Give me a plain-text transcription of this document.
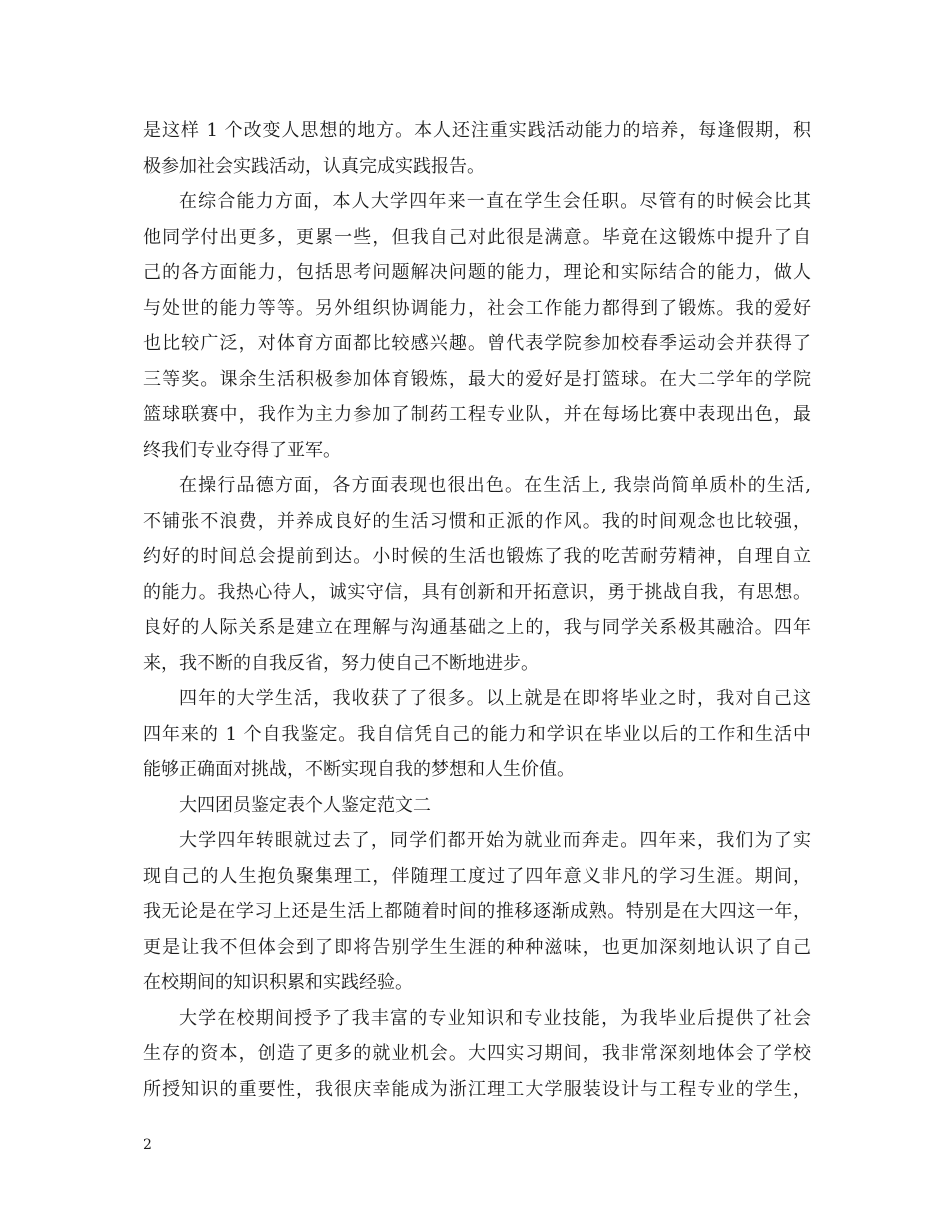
是这样 1 个改变人思想的地方。本人还注重实践活动能力的培养，每逢假期，积
极参加社会实践活动，认真完成实践报告。
在综合能力方面，本人大学四年来一直在学生会任职。尽管有的时候会比其
他同学付出更多，更累一些，但我自己对此很是满意。毕竟在这锻炼中提升了自
己的各方面能力，包括思考问题解决问题的能力，理论和实际结合的能力，做人
与处世的能力等等。另外组织协调能力，社会工作能力都得到了锻炼。我的爱好
也比较广泛，对体育方面都比较感兴趣。曾代表学院参加校春季运动会并获得了
三等奖。课余生活积极参加体育锻炼，最大的爱好是打篮球。在大二学年的学院
篮球联赛中，我作为主力参加了制药工程专业队，并在每场比赛中表现出色，最
终我们专业夺得了亚军。
在操行品德方面，各方面表现也很出色。在生活上, 我崇尚简单质朴的生活,
不铺张不浪费，并养成良好的生活习惯和正派的作风。我的时间观念也比较强，
约好的时间总会提前到达。小时候的生活也锻炼了我的吃苦耐劳精神，自理自立
的能力。我热心待人，诚实守信，具有创新和开拓意识，勇于挑战自我，有思想。
良好的人际关系是建立在理解与沟通基础之上的，我与同学关系极其融洽。四年
来，我不断的自我反省，努力使自己不断地进步。
四年的大学生活，我收获了了很多。以上就是在即将毕业之时，我对自己这
四年来的 1 个自我鉴定。我自信凭自己的能力和学识在毕业以后的工作和生活中
能够正确面对挑战，不断实现自我的梦想和人生价值。
大四团员鉴定表个人鉴定范文二
大学四年转眼就过去了，同学们都开始为就业而奔走。四年来，我们为了实
现自己的人生抱负聚集理工，伴随理工度过了四年意义非凡的学习生涯。期间，
我无论是在学习上还是生活上都随着时间的推移逐渐成熟。特别是在大四这一年，
更是让我不但体会到了即将告别学生生涯的种种滋味，也更加深刻地认识了自己
在校期间的知识积累和实践经验。
大学在校期间授予了我丰富的专业知识和专业技能，为我毕业后提供了社会
生存的资本，创造了更多的就业机会。大四实习期间，我非常深刻地体会了学校
所授知识的重要性，我很庆幸能成为浙江理工大学服装设计与工程专业的学生，
2
